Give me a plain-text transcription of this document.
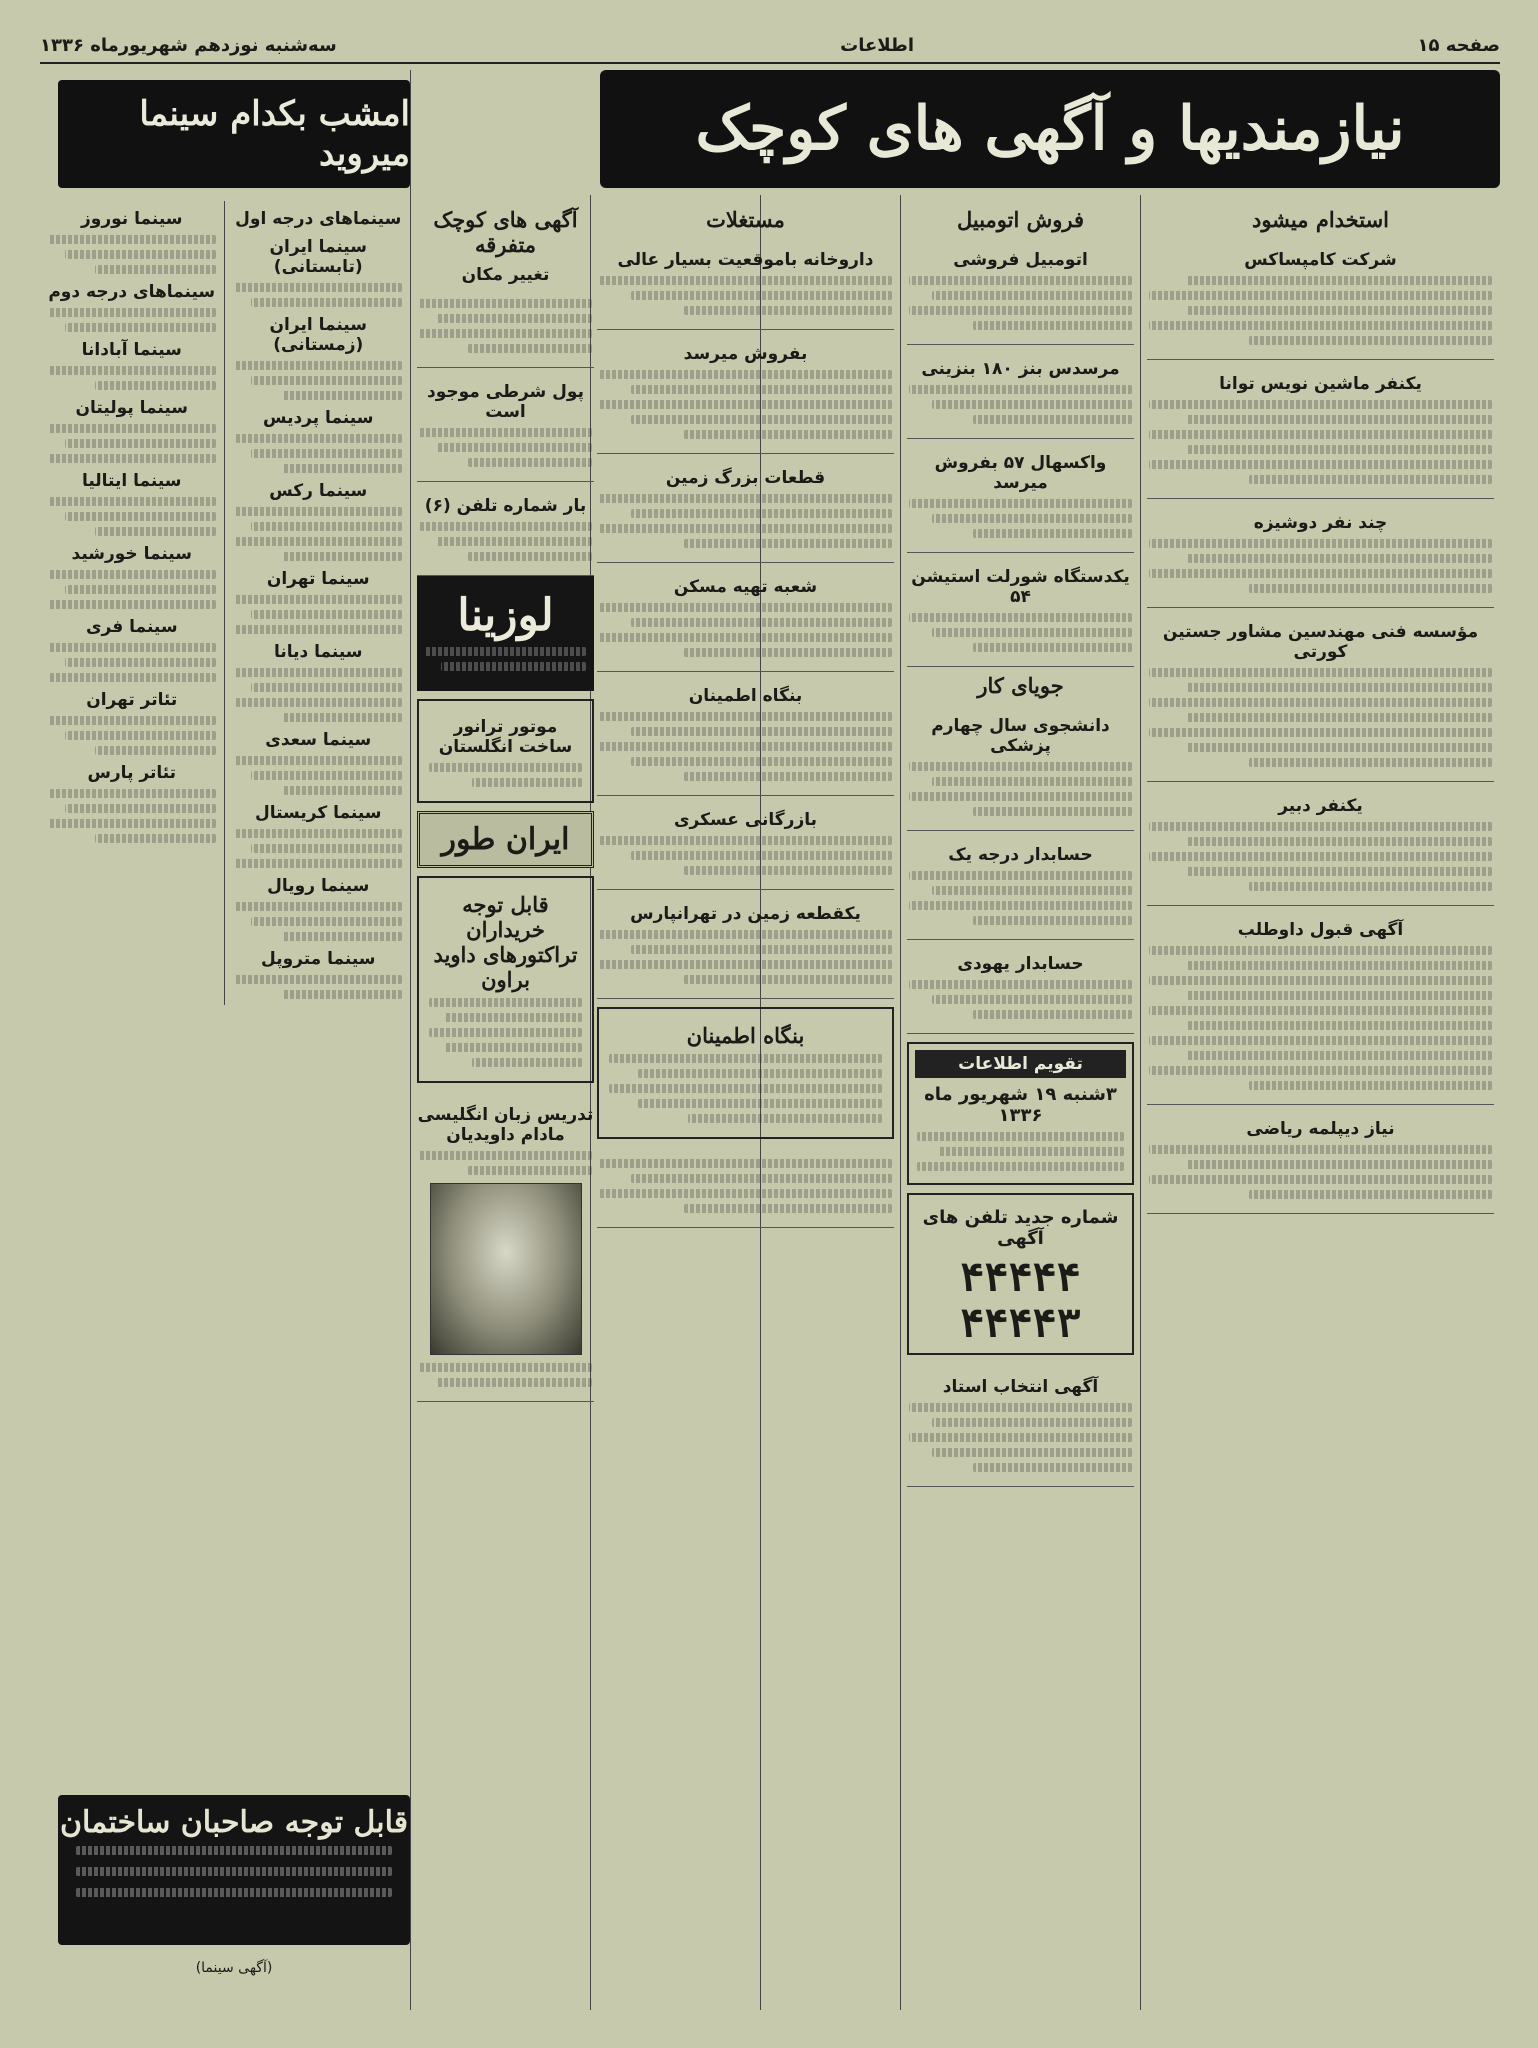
صفحه ۱۵
اطلاعات
سه‌شنبه نوزدهم شهریورماه ۱۳۳۶
نیازمندیها و آگهی های کوچک
استخدام میشود
شرکت کامپساکس
یکنفر ماشین نویس توانا
چند نفر دوشیزه
مؤسسه فنی مهندسین مشاور جستین کورتی
یکنفر دبیر
آگهی قبول داوطلب
نیاز دیپلمه ریاضی
فروش اتومبیل
اتومبیل فروشی
مرسدس بنز ۱۸۰ بنزینی
واکسهال ۵۷ بفروش میرسد
یکدستگاه شورلت استیشن ۵۴
جویای کار
دانشجوی سال چهارم پزشکی
حسابدار درجه یک
حسابدار یهودی
تقویم اطلاعات
۳شنبه ۱۹ شهریور ماه ۱۳۳۶
شماره جدید تلفن های آگهی
۴۴۴۴۴ ۴۴۴۴۳
آگهی انتخاب استاد
مستغلات
داروخانه باموقعیت بسیار عالی
بفروش میرسد
قطعات بزرگ زمین
شعبه تهیه مسکن
بنگاه اطمینان
بازرگانی عسکری
یکقطعه زمین در تهرانپارس
بنگاه اطمینان
آگهی های کوچک متفرقه
تغییر مکان
پول شرطی موجود است
بار شماره تلفن (۶)
لوزینا
موتور ترانور ساخت انگلستان
ایران طور
قابل توجه خریداران تراکتورهای داوید براون
تدریس زبان انگلیسی مادام داویدیان
امشب بکدام سینما میروید
سینماهای درجه اول
سینما ایران (تابستانی)
سینما ایران (زمستانی)
سینما پردیس
سینما رکس
سینما تهران
سینما دیانا
سینما سعدی
سینما کریستال
سینما رویال
سینما متروپل
سینما نوروز
سینماهای درجه دوم
سینما آبادانا
سینما پولیتان
سینما ایتالیا
سینما خورشید
سینما فری
تئاتر تهران
تئاتر پارس
قابل توجه صاحبان ساختمان
(آگهی سینما)
